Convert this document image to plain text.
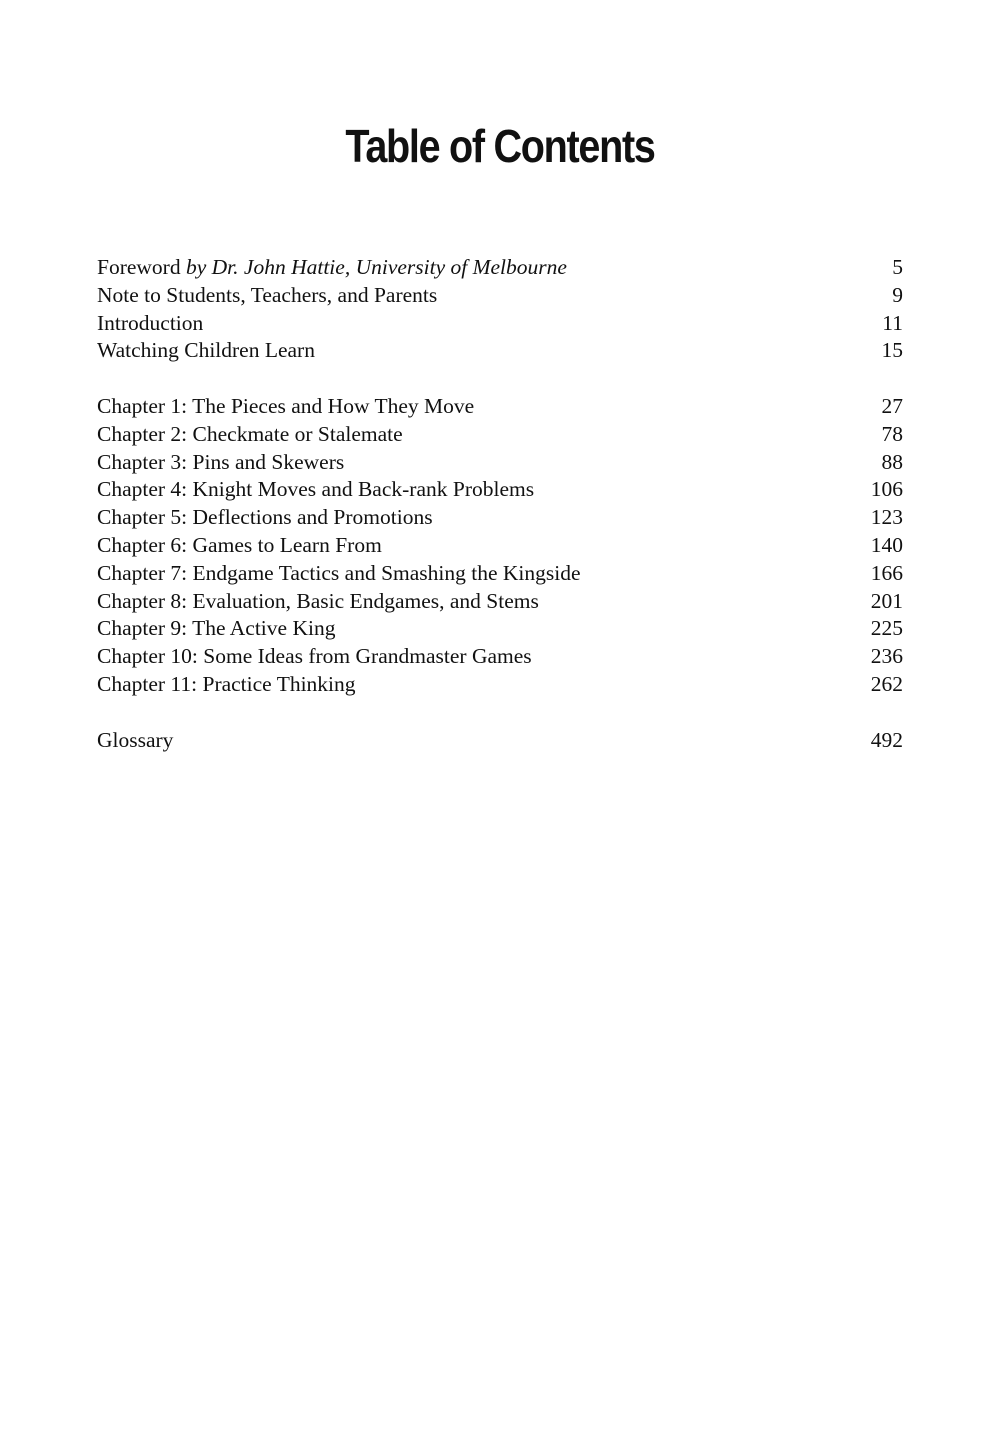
Table of Contents
Foreword by Dr. John Hattie, University of Melbourne	5
Note to Students, Teachers, and Parents	9
Introduction	11
Watching Children Learn	15
Chapter 1: The Pieces and How They Move	27
Chapter 2: Checkmate or Stalemate	78
Chapter 3: Pins and Skewers	88
Chapter 4: Knight Moves and Back-rank Problems	106
Chapter 5: Deflections and Promotions	123
Chapter 6: Games to Learn From	140
Chapter 7: Endgame Tactics and Smashing the Kingside	166
Chapter 8: Evaluation, Basic Endgames, and Stems	201
Chapter 9: The Active King	225
Chapter 10: Some Ideas from Grandmaster Games	236
Chapter 11: Practice Thinking	262
Glossary	492
